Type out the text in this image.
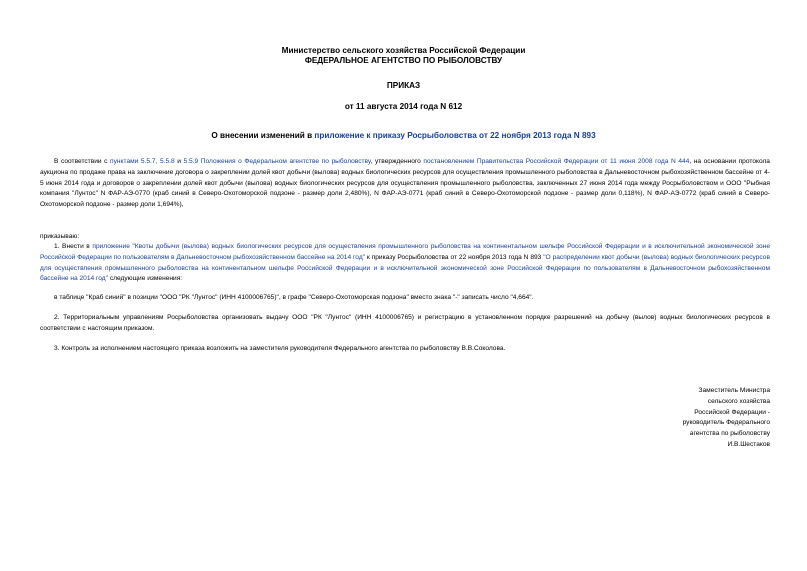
Министерство сельского хозяйства Российской Федерации
ФЕДЕРАЛЬНОЕ АГЕНТСТВО ПО РЫБОЛОВСТВУ
ПРИКАЗ
от 11 августа 2014 года N 612
О внесении изменений в приложение к приказу Росрыболовства от 22 ноября 2013 года N 893

В соответствии с пунктами 5.5.7, 5.5.8 и 5.5.9 Положения о Федеральном агентстве по рыболовству, утвержденного постановлением Правительства Российской Федерации от 11 июня 2008 года N 444, на основании протокола аукциона по продаже права на заключение договора о закреплении долей квот добычи (вылова) водных биологических ресурсов для осуществления промышленного рыболовства в Дальневосточном рыбохозяйственном бассейне от 4-5 июня 2014 года и договоров о закреплении долей квот добычи (вылова) водных биологических ресурсов для осуществления промышленного рыболовства, заключенных 27 июня 2014 года между Росрыболовством и ООО "Рыбная компания "Лунтос" N ФАР-АЭ-0770 (краб синий в Северо-Охотоморской подзоне - размер доли 2,480%), N ФАР-АЭ-0771 (краб синий в Северо-Охотоморской подзоне - размер доли 0,118%), N ФАР-АЭ-0772 (краб синий в Северо-Охотоморской подзоне - размер доли 1,694%),

приказываю:

1. Внести в приложение "Квоты добычи (вылова) водных биологических ресурсов для осуществления промышленного рыболовства на континентальном шельфе Российской Федерации и в исключительной экономической зоне Российской Федерации по пользователям в Дальневосточном рыбохозяйственном бассейне на 2014 год" к приказу Росрыболовства от 22 ноября 2013 года N 893 "О распределении квот добычи (вылова) водных биологических ресурсов для осуществления промышленного рыболовства на континентальном шельфе Российской Федерации и в исключительной экономической зоне Российской Федерации по пользователям в Дальневосточном рыбохозяйственном бассейне на 2014 год" следующие изменения:

в таблице "Краб синий" в позиции "ООО "РК "Лунтос" (ИНН 4100006765)", в графе "Северо-Охотоморская подзона" вместо знака "-" записать число "4,664".

2. Территориальным управлениям Росрыболовства организовать выдачу ООО "РК "Лунтос" (ИНН 4100006765) и регистрацию в установленном порядке разрешений на добычу (вылов) водных биологических ресурсов в соответствии с настоящим приказом.

3. Контроль за исполнением настоящего приказа возложить на заместителя руководителя Федерального агентства по рыболовству В.В.Соколова.
Заместитель Министра
сельского хозяйства
Российской Федерации -
руководитель Федерального
агентства по рыболовству
И.В.Шестаков
